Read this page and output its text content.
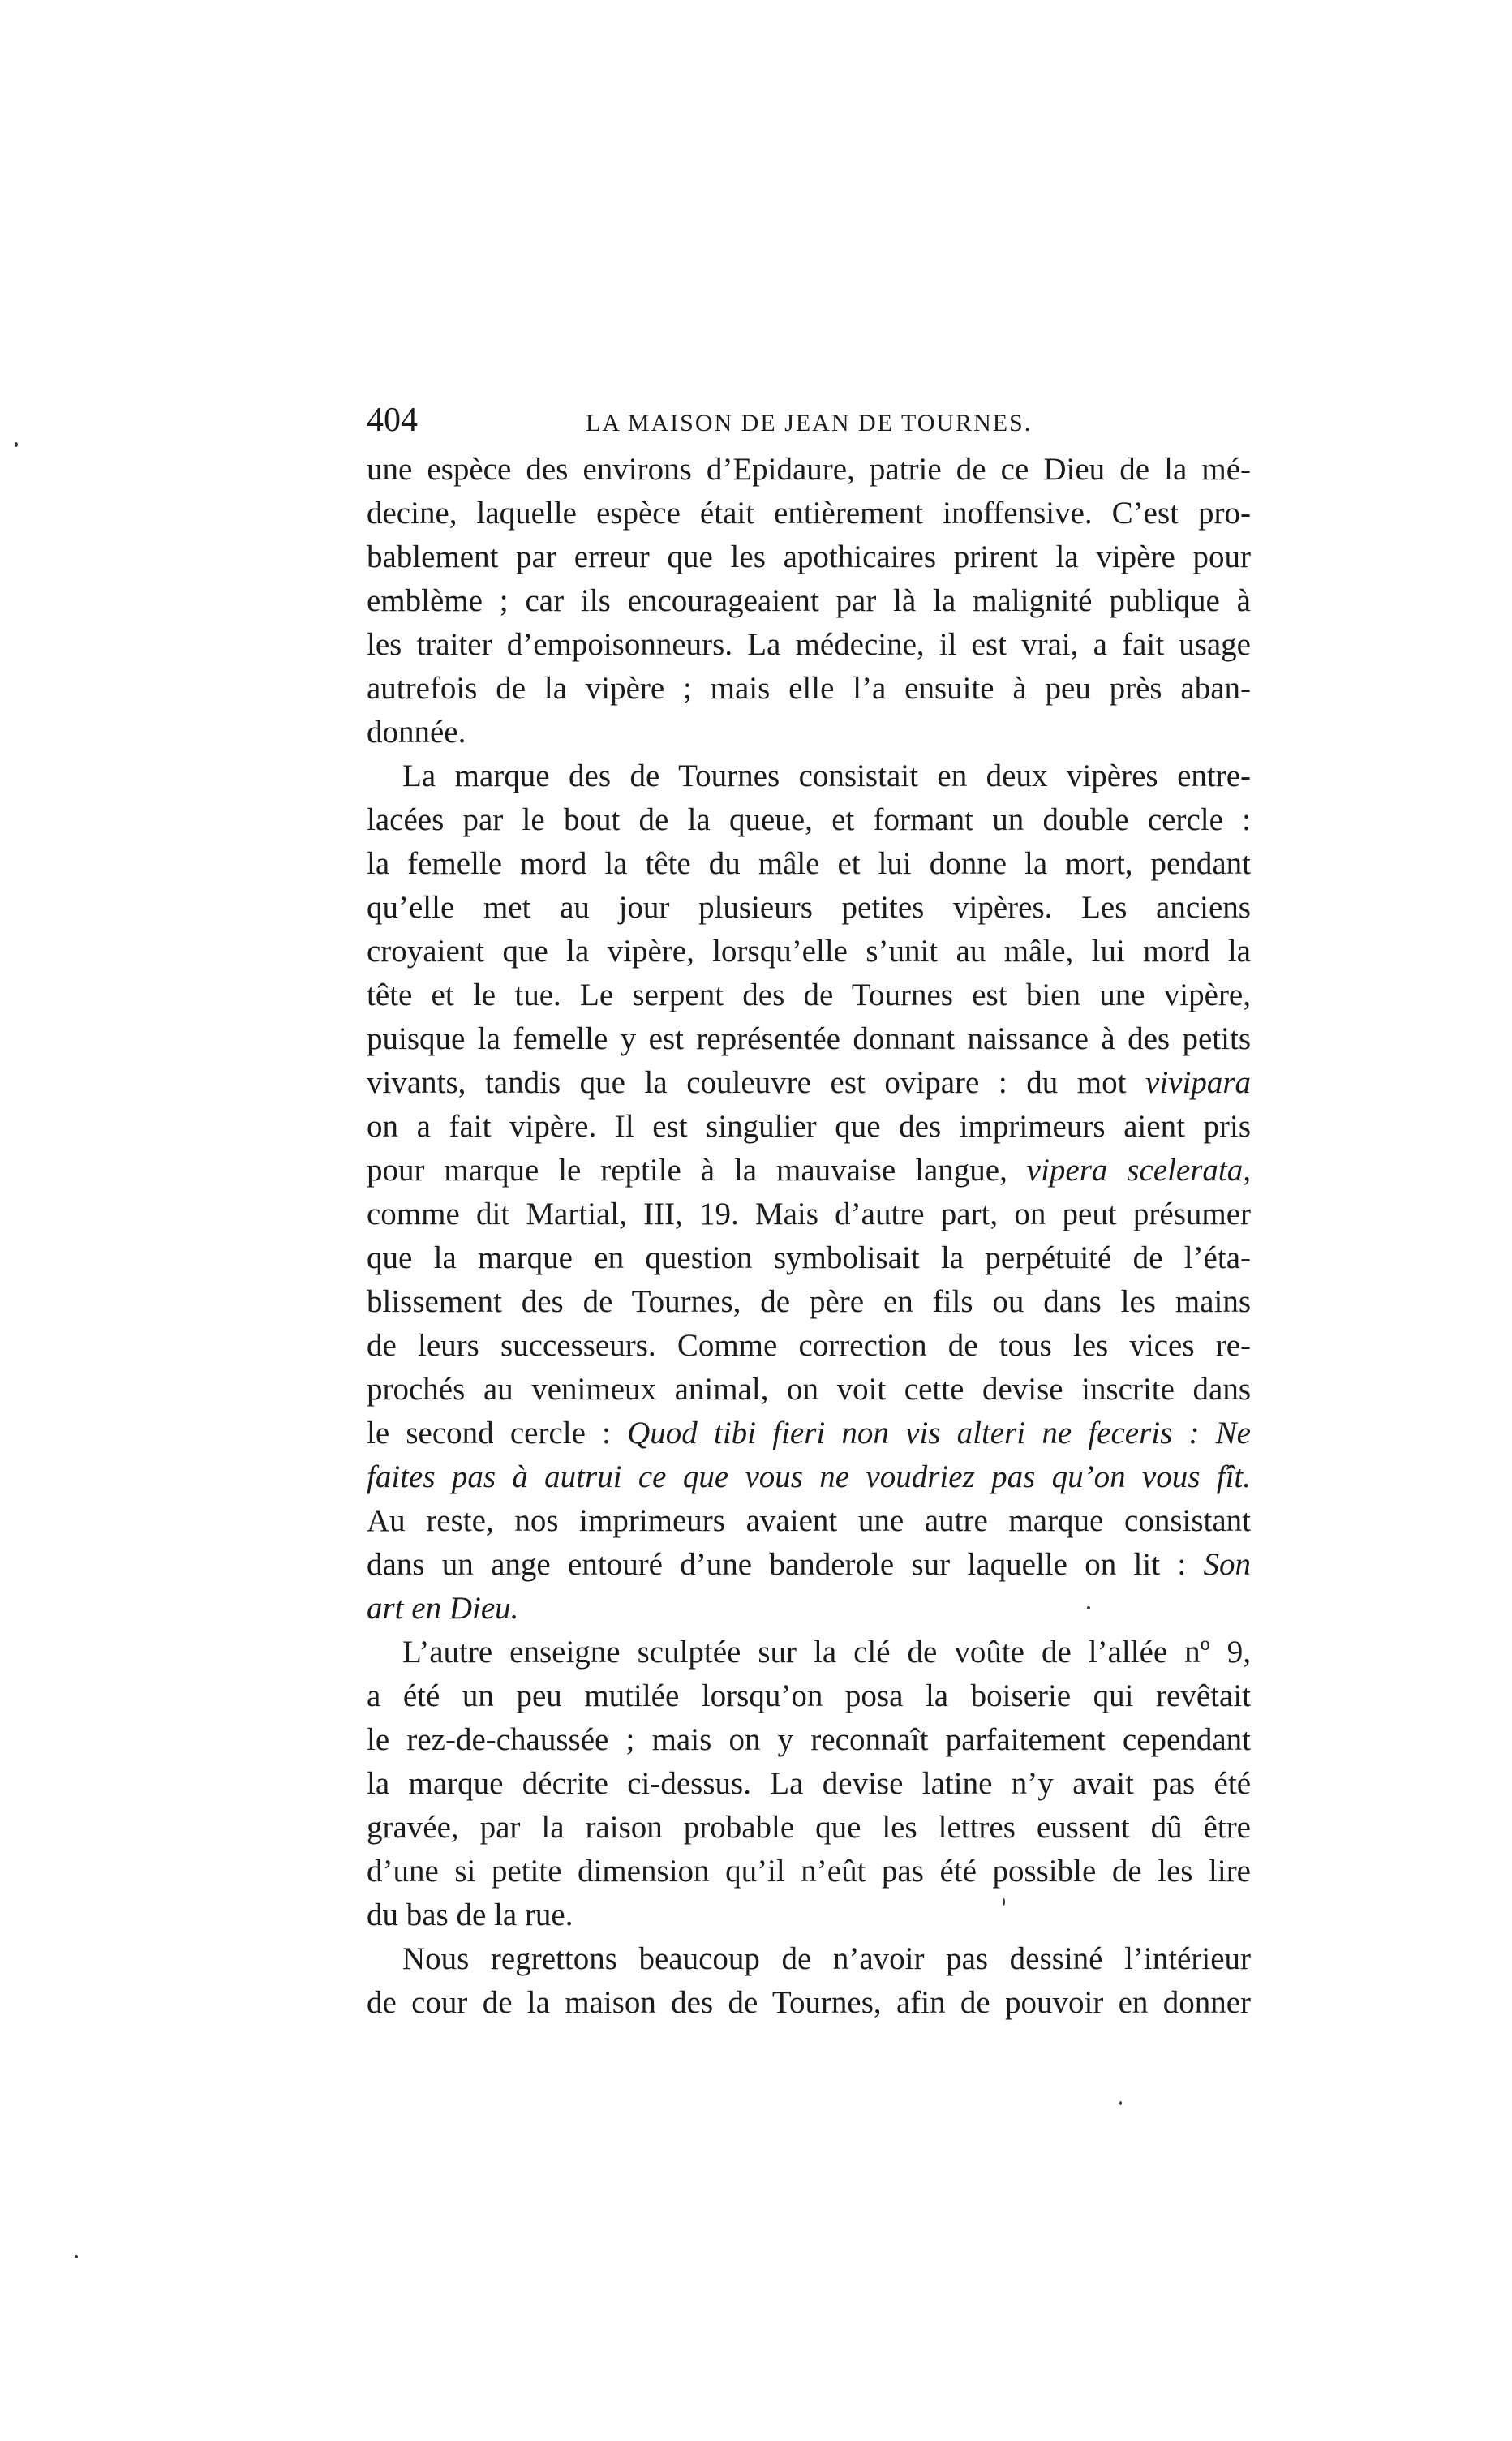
404	LA MAISON DE JEAN DE TOURNES.
une espèce des environs d’Epidaure, patrie de ce Dieu de la mé-
decine, laquelle espèce était entièrement inoffensive. C’est pro-
bablement par erreur que les apothicaires prirent la vipère pour
emblème ; car ils encourageaient par là la malignité publique à
les traiter d’empoisonneurs. La médecine, il est vrai, a fait usage
autrefois de la vipère ; mais elle l’a ensuite à peu près aban-
donnée.
La marque des de Tournes consistait en deux vipères entre-
lacées par le bout de la queue, et formant un double cercle :
la femelle mord la tête du mâle et lui donne la mort, pendant
qu’elle met au jour plusieurs petites vipères. Les anciens
croyaient que la vipère, lorsqu’elle s’unit au mâle, lui mord la
tête et le tue. Le serpent des de Tournes est bien une vipère,
puisque la femelle y est représentée donnant naissance à des petits
vivants, tandis que la couleuvre est ovipare : du mot vivipara
on a fait vipère. Il est singulier que des imprimeurs aient pris
pour marque le reptile à la mauvaise langue, vipera scelerata,
comme dit Martial, III, 19. Mais d’autre part, on peut présumer
que la marque en question symbolisait la perpétuité de l’éta-
blissement des de Tournes, de père en fils ou dans les mains
de leurs successeurs. Comme correction de tous les vices re-
prochés au venimeux animal, on voit cette devise inscrite dans
le second cercle : Quod tibi fieri non vis alteri ne feceris : Ne
faites pas à autrui ce que vous ne voudriez pas qu’on vous fît.
Au reste, nos imprimeurs avaient une autre marque consistant
dans un ange entouré d’une banderole sur laquelle on lit : Son
art en Dieu.
L’autre enseigne sculptée sur la clé de voûte de l’allée nº 9,
a été un peu mutilée lorsqu’on posa la boiserie qui revêtait
le rez-de-chaussée ; mais on y reconnaît parfaitement cependant
la marque décrite ci-dessus. La devise latine n’y avait pas été
gravée, par la raison probable que les lettres eussent dû être
d’une si petite dimension qu’il n’eût pas été possible de les lire
du bas de la rue.
Nous regrettons beaucoup de n’avoir pas dessiné l’intérieur
de cour de la maison des de Tournes, afin de pouvoir en donner
